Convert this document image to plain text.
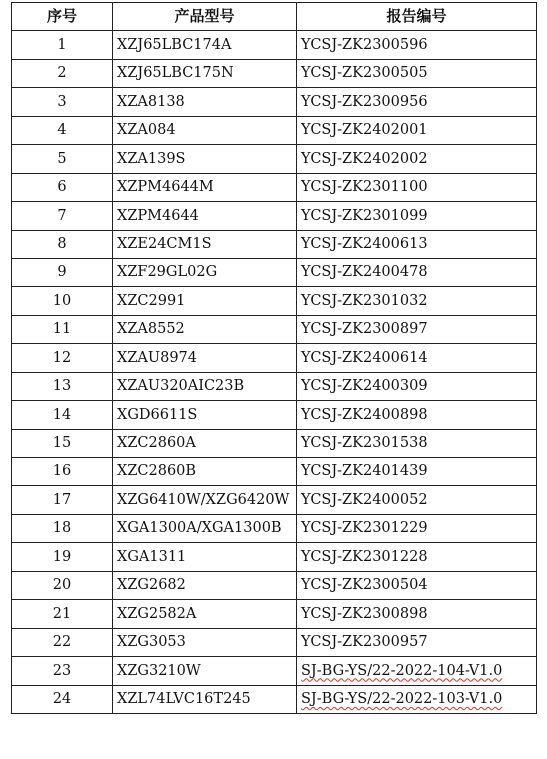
序号	产品型号	报告编号
1	XZJ65LBC174A	YCSJ-ZK2300596
2	XZJ65LBC175N	YCSJ-ZK2300505
3	XZA8138	YCSJ-ZK2300956
4	XZA084	YCSJ-ZK2402001
5	XZA139S	YCSJ-ZK2402002
6	XZPM4644M	YCSJ-ZK2301100
7	XZPM4644	YCSJ-ZK2301099
8	XZE24CM1S	YCSJ-ZK2400613
9	XZF29GL02G	YCSJ-ZK2400478
10	XZC2991	YCSJ-ZK2301032
11	XZA8552	YCSJ-ZK2300897
12	XZAU8974	YCSJ-ZK2400614
13	XZAU320AIC23B	YCSJ-ZK2400309
14	XGD6611S	YCSJ-ZK2400898
15	XZC2860A	YCSJ-ZK2301538
16	XZC2860B	YCSJ-ZK2401439
17	XZG6410W/XZG6420W	YCSJ-ZK2400052
18	XGA1300A/XGA1300B	YCSJ-ZK2301229
19	XGA1311	YCSJ-ZK2301228
20	XZG2682	YCSJ-ZK2300504
21	XZG2582A	YCSJ-ZK2300898
22	XZG3053	YCSJ-ZK2300957
23	XZG3210W	SJ-BG-YS/22-2022-104-V1.0
24	XZL74LVC16T245	SJ-BG-YS/22-2022-103-V1.0
